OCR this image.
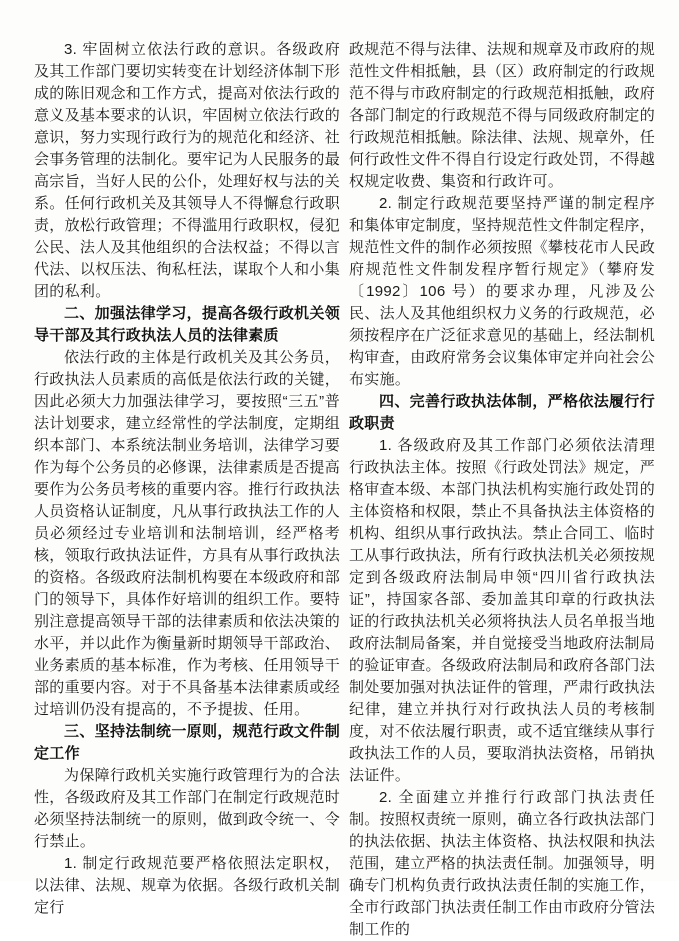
3. 牢固树立依法行政的意识。各级政府及其工作部门要切实转变在计划经济体制下形成的陈旧观念和工作方式，提高对依法行政的意义及基本要求的认识，牢固树立依法行政的意识，努力实现行政行为的规范化和经济、社会事务管理的法制化。要牢记为人民服务的最高宗旨，当好人民的公仆，处理好权与法的关系。任何行政机关及其领导人不得懈怠行政职责，放松行政管理；不得滥用行政职权，侵犯公民、法人及其他组织的合法权益；不得以言代法、以权压法、徇私枉法，谋取个人和小集团的私利。

二、加强法律学习，提高各级行政机关领导干部及其行政执法人员的法律素质

依法行政的主体是行政机关及其公务员，行政执法人员素质的高低是依法行政的关键，因此必须大力加强法律学习，要按照“三五”普法计划要求，建立经常性的学法制度，定期组织本部门、本系统法制业务培训，法律学习要作为每个公务员的必修课，法律素质是否提高要作为公务员考核的重要内容。推行行政执法人员资格认证制度，凡从事行政执法工作的人员必须经过专业培训和法制培训，经严格考核，领取行政执法证件，方具有从事行政执法的资格。各级政府法制机构要在本级政府和部门的领导下，具体作好培训的组织工作。要特别注意提高领导干部的法律素质和依法决策的水平，并以此作为衡量新时期领导干部政治、业务素质的基本标准，作为考核、任用领导干部的重要内容。对于不具备基本法律素质或经过培训仍没有提高的，不予提拔、任用。

三、坚持法制统一原则，规范行政文件制定工作

为保障行政机关实施行政管理行为的合法性，各级政府及其工作部门在制定行政规范时必须坚持法制统一的原则，做到政令统一、令行禁止。

1. 制定行政规范要严格依照法定职权，以法律、法规、规章为依据。各级行政机关制定行

政规范不得与法律、法规和规章及市政府的规范性文件相抵触，县（区）政府制定的行政规范不得与市政府制定的行政规范相抵触，政府各部门制定的行政规范不得与同级政府制定的行政规范相抵触。除法律、法规、规章外，任何行政性文件不得自行设定行政处罚，不得越权规定收费、集资和行政许可。

2. 制定行政规范要坚持严谨的制定程序和集体审定制度，坚持规范性文件制定程序，规范性文件的制作必须按照《攀枝花市人民政府规范性文件制发程序暂行规定》（攀府发〔1992〕106 号）的要求办理，凡涉及公民、法人及其他组织权力义务的行政规范，必须按程序在广泛征求意见的基础上，经法制机构审查，由政府常务会议集体审定并向社会公布实施。

四、完善行政执法体制，严格依法履行行政职责

1. 各级政府及其工作部门必须依法清理行政执法主体。按照《行政处罚法》规定，严格审查本级、本部门执法机构实施行政处罚的主体资格和权限，禁止不具备执法主体资格的机构、组织从事行政执法。禁止合同工、临时工从事行政执法，所有行政执法机关必须按规定到各级政府法制局申领“四川省行政执法证”，持国家各部、委加盖其印章的行政执法证的行政执法机关必须将执法人员名单报当地政府法制局备案，并自觉接受当地政府法制局的验证审查。各级政府法制局和政府各部门法制处要加强对执法证件的管理，严肃行政执法纪律，建立并执行对行政执法人员的考核制度，对不依法履行职责，或不适宜继续从事行政执法工作的人员，要取消执法资格，吊销执法证件。

2. 全面建立并推行行政部门执法责任制。按照权责统一原则，确立各行政执法部门的执法依据、执法主体资格、执法权限和执法范围，建立严格的执法责任制。加强领导，明确专门机构负责行政执法责任制的实施工作，全市行政部门执法责任制工作由市政府分管法制工作的
